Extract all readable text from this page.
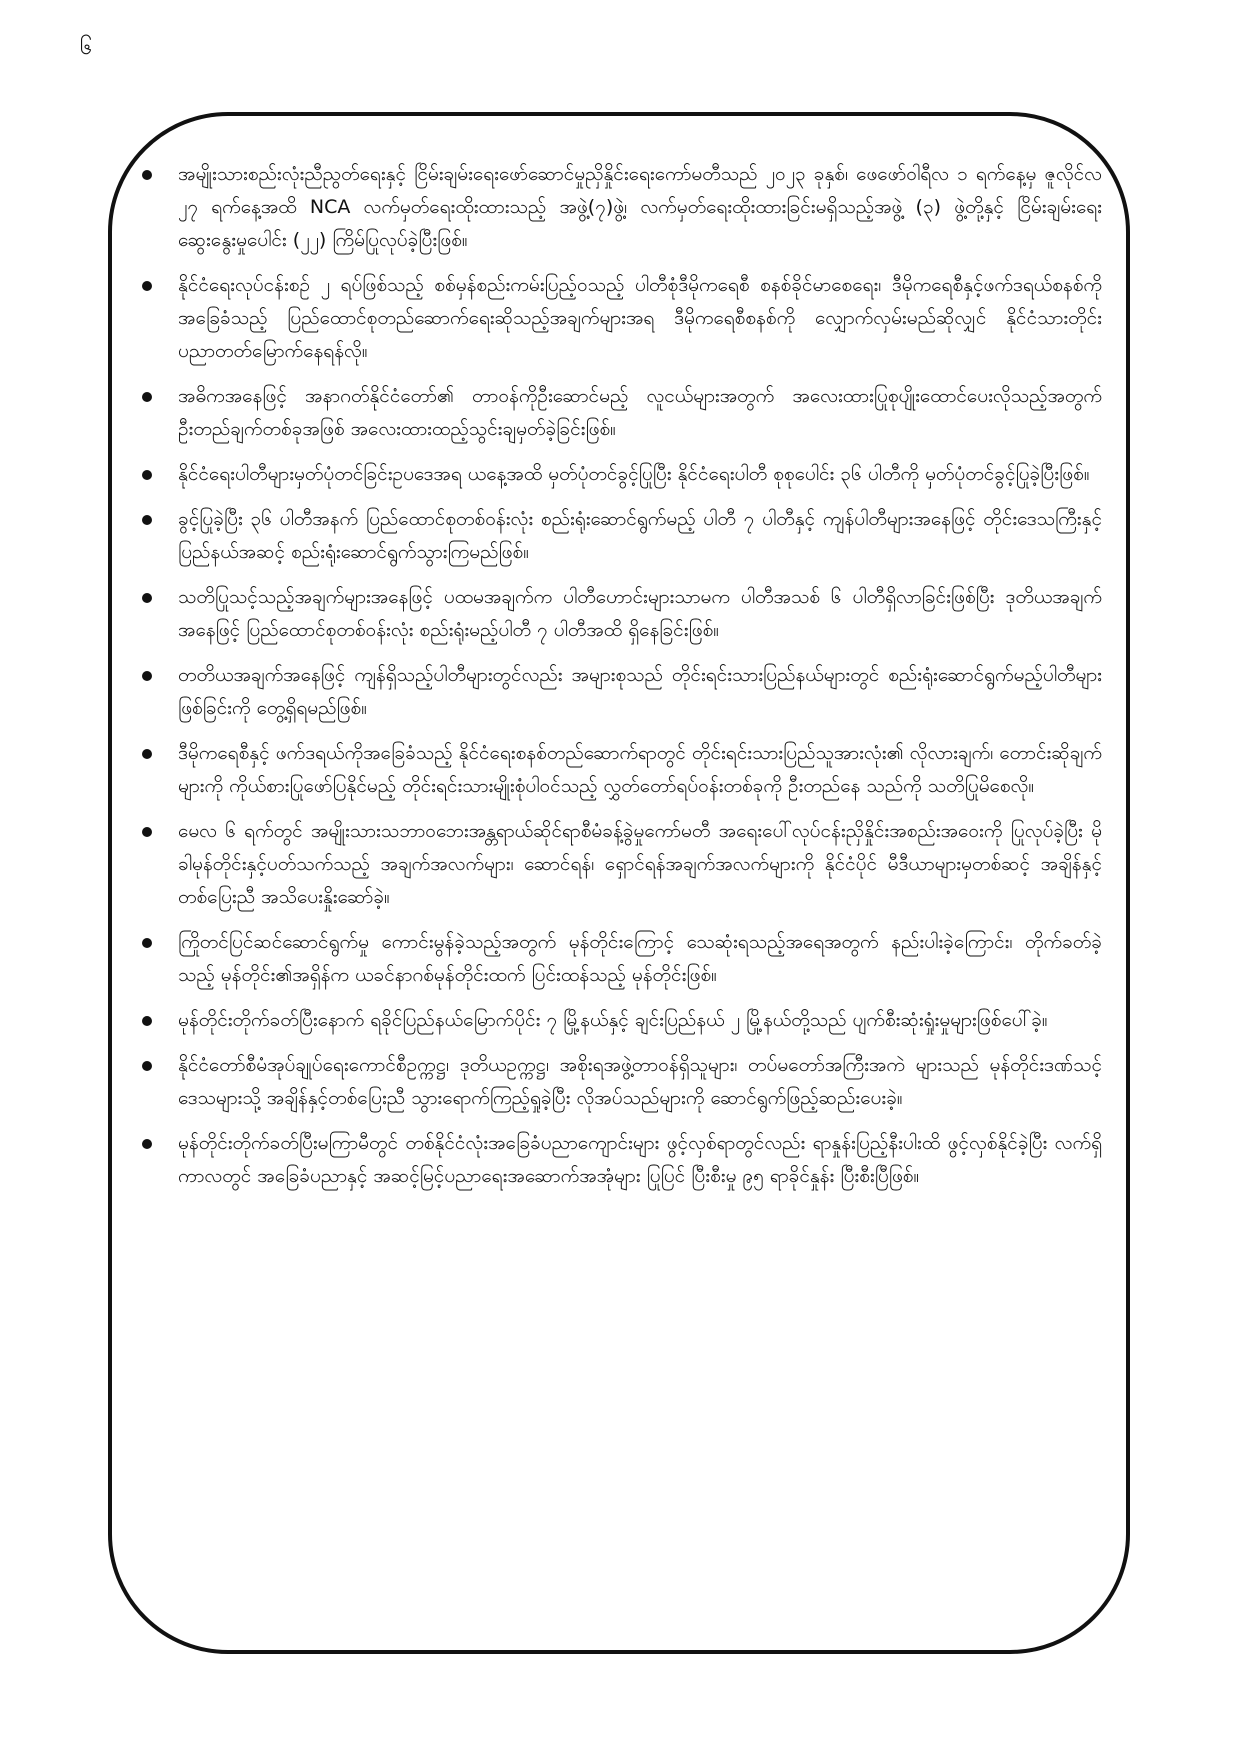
၆
အမျိုးသားစည်းလုံးညီညွတ်ရေးနှင့် ငြိမ်းချမ်းရေးဖော်ဆောင်မှုညှိနှိုင်းရေးကော်မတီသည် ၂၀၂၃ ခုနှစ်၊ ဖေဖော်ဝါရီလ ၁ ရက်နေ့မှ ဇူလိုင်လ ၂၇ ရက်နေ့အထိ NCA လက်မှတ်ရေးထိုးထားသည့် အဖွဲ့(၇)ဖွဲ့၊ လက်မှတ်ရေးထိုးထားခြင်းမရှိသည့်အဖွဲ့ (၃) ဖွဲ့တို့နှင့် ငြိမ်းချမ်းရေးဆွေးနွေးမှုပေါင်း (၂၂) ကြိမ်ပြုလုပ်ခဲ့ပြီးဖြစ်။
နိုင်ငံရေးလုပ်ငန်းစဉ် ၂ ရပ်ဖြစ်သည့် စစ်မှန်စည်းကမ်းပြည့်ဝသည့် ပါတီစုံဒီမိုကရေစီ စနစ်ခိုင်မာစေရေး၊ ဒီမိုကရေစီနှင့်ဖက်ဒရယ်စနစ်ကိုအခြေခံသည့် ပြည်ထောင်စုတည်ဆောက်ရေးဆိုသည့်အချက်များအရ ဒီမိုကရေစီစနစ်ကို လျှောက်လှမ်းမည်ဆိုလျှင် နိုင်ငံသားတိုင်းပညာတတ်မြောက်နေရန်လို။
အဓိကအနေဖြင့် အနာဂတ်နိုင်ငံတော်၏ တာဝန်ကိုဦးဆောင်မည့် လူငယ်များအတွက် အလေးထားပြုစုပျိုးထောင်ပေးလိုသည့်အတွက် ဦးတည်ချက်တစ်ခုအဖြစ် အလေးထားထည့်သွင်းချမှတ်ခဲ့ခြင်းဖြစ်။
နိုင်ငံရေးပါတီများမှတ်ပုံတင်ခြင်းဥပဒေအရ ယနေ့အထိ မှတ်ပုံတင်ခွင့်ပြုပြီး နိုင်ငံရေးပါတီ စုစုပေါင်း ၃၆ ပါတီကို မှတ်ပုံတင်ခွင့်ပြုခဲ့ပြီးဖြစ်။
ခွင့်ပြုခဲ့ပြီး ၃၆ ပါတီအနက် ပြည်ထောင်စုတစ်ဝန်းလုံး စည်းရုံးဆောင်ရွက်မည့် ပါတီ ၇ ပါတီနှင့် ကျန်ပါတီများအနေဖြင့် တိုင်းဒေသကြီးနှင့် ပြည်နယ်အဆင့် စည်းရုံးဆောင်ရွက်သွားကြမည်ဖြစ်။
သတိပြုသင့်သည့်အချက်များအနေဖြင့် ပထမအချက်က ပါတီဟောင်းများသာမက ပါတီအသစ် ၆ ပါတီရှိလာခြင်းဖြစ်ပြီး ဒုတိယအချက်အနေဖြင့် ပြည်ထောင်စုတစ်ဝန်းလုံး စည်းရုံးမည့်ပါတီ ၇ ပါတီအထိ ရှိနေခြင်းဖြစ်။
တတိယအချက်အနေဖြင့် ကျန်ရှိသည့်ပါတီများတွင်လည်း အများစုသည် တိုင်းရင်းသားပြည်နယ်များတွင် စည်းရုံးဆောင်ရွက်မည့်ပါတီများဖြစ်ခြင်းကို တွေ့ရှိရမည်ဖြစ်။
ဒီမိုကရေစီနှင့် ဖက်ဒရယ်ကိုအခြေခံသည့် နိုင်ငံရေးစနစ်တည်ဆောက်ရာတွင် တိုင်းရင်းသားပြည်သူအားလုံး၏ လိုလားချက်၊ တောင်းဆိုချက်များကို ကိုယ်စားပြုဖော်ပြနိုင်မည့် တိုင်းရင်းသားမျိုးစုံပါဝင်သည့် လွှတ်တော်ရပ်ဝန်းတစ်ခုကို ဦးတည်နေ သည်ကို သတိပြုမိစေလို။
မေလ ၆ ရက်တွင် အမျိုးသားသဘာဝဘေးအန္တရာယ်ဆိုင်ရာစီမံခန့်ခွဲမှုကော်မတီ အရေးပေါ်လုပ်ငန်းညှိနှိုင်းအစည်းအဝေးကို ပြုလုပ်ခဲ့ပြီး မိုခါမုန်တိုင်းနှင့်ပတ်သက်သည့် အချက်အလက်များ၊ ဆောင်ရန်၊ ရှောင်ရန်အချက်အလက်များကို နိုင်ငံပိုင် မီဒီယာများမှတစ်ဆင့် အချိန်နှင့်တစ်ပြေးညီ အသိပေးနှိုးဆော်ခဲ့။
ကြိုတင်ပြင်ဆင်ဆောင်ရွက်မှု ကောင်းမွန်ခဲ့သည့်အတွက် မုန်တိုင်းကြောင့် သေဆုံးရသည့်အရေအတွက် နည်းပါးခဲ့ကြောင်း၊ တိုက်ခတ်ခဲ့သည့် မုန်တိုင်း၏အရှိန်က ယခင်နာဂစ်မုန်တိုင်းထက် ပြင်းထန်သည့် မုန်တိုင်းဖြစ်။
မုန်တိုင်းတိုက်ခတ်ပြီးနောက် ရခိုင်ပြည်နယ်မြောက်ပိုင်း ၇ မြို့နယ်နှင့် ချင်းပြည်နယ် ၂ မြို့နယ်တို့သည် ပျက်စီးဆုံးရှုံးမှုများဖြစ်ပေါ်ခဲ့။
နိုင်ငံတော်စီမံအုပ်ချုပ်ရေးကောင်စီဥက္ကဋ္ဌ၊ ဒုတိယဥက္ကဋ္ဌ၊ အစိုးရအဖွဲ့တာဝန်ရှိသူများ၊ တပ်မတော်အကြီးအကဲ များသည် မုန်တိုင်းဒဏ်သင့်ဒေသများသို့ အချိန်နှင့်တစ်ပြေးညီ သွားရောက်ကြည့်ရှုခဲ့ပြီး လိုအပ်သည်များကို ဆောင်ရွက်ဖြည့်ဆည်းပေးခဲ့။
မုန်တိုင်းတိုက်ခတ်ပြီးမကြာမီတွင် တစ်နိုင်ငံလုံးအခြေခံပညာကျောင်းများ ဖွင့်လှစ်ရာတွင်လည်း ရာနှုန်းပြည့်နီးပါးထိ ဖွင့်လှစ်နိုင်ခဲ့ပြီး လက်ရှိကာလတွင် အခြေခံပညာနှင့် အဆင့်မြင့်ပညာရေးအဆောက်အအုံများ ပြုပြင် ပြီးစီးမှု ၉၅ ရာခိုင်နှုန်း ပြီးစီးပြီဖြစ်။
